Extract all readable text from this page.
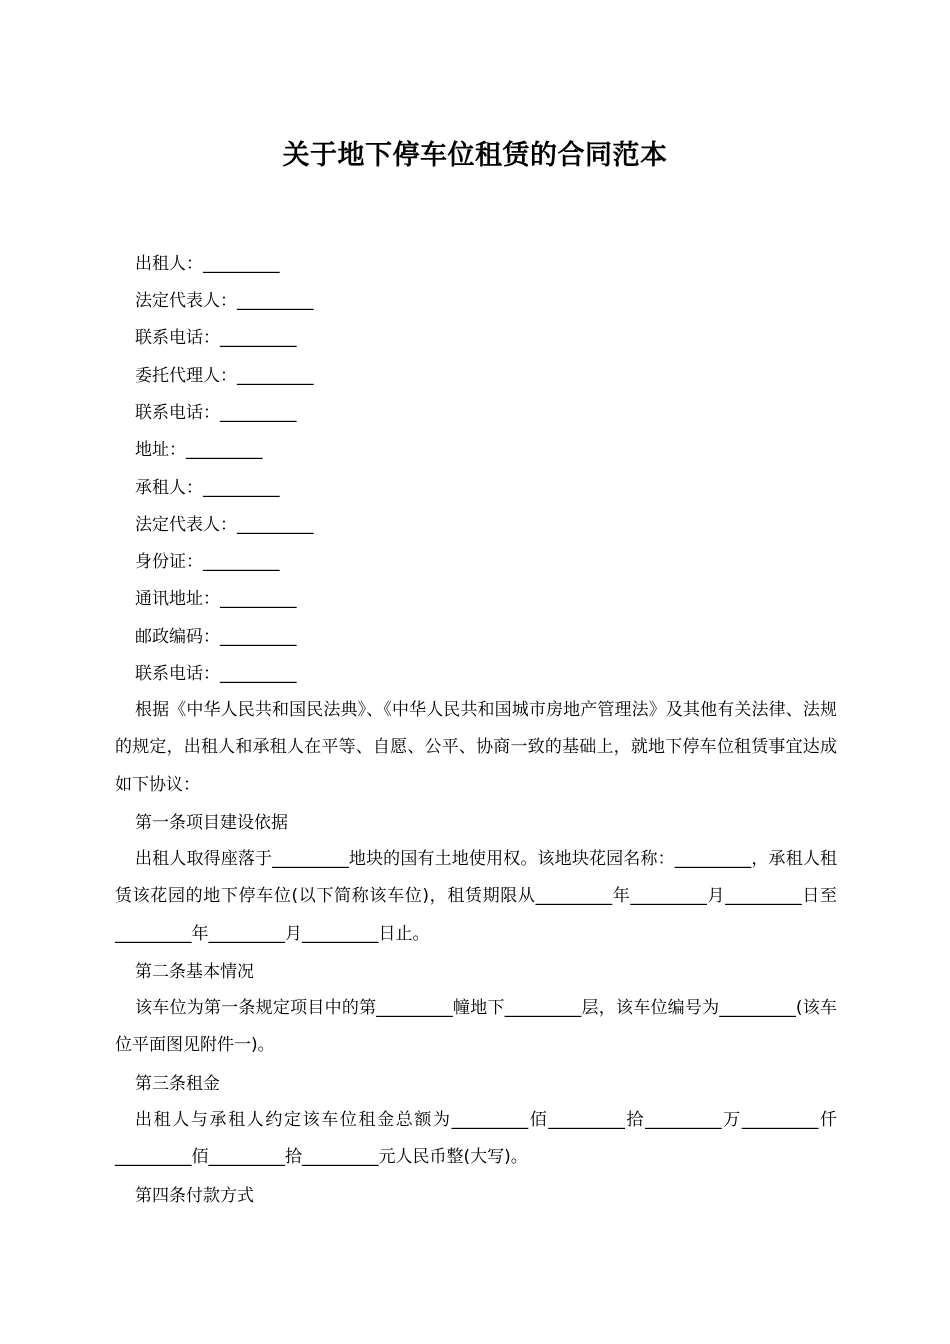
关于地下停车位租赁的合同范本
出租人：_________
法定代表人：_________
联系电话：_________
委托代理人：_________
联系电话：_________
地址：_________
承租人：_________
法定代表人：_________
身份证：_________
通讯地址：_________
邮政编码：_________
联系电话：_________
根据《中华人民共和国民法典》、《中华人民共和国城市房地产管理法》及其他有关法律、法规的规定，出租人和承租人在平等、自愿、公平、协商一致的基础上，就地下停车位租赁事宜达成如下协议：
第一条项目建设依据
出租人取得座落于_________地块的国有土地使用权。该地块花园名称：_________，承租人租赁该花园的地下停车位(以下简称该车位)，租赁期限从_________年_________月_________日至_________年_________月_________日止。
第二条基本情况
该车位为第一条规定项目中的第_________幢地下_________层，该车位编号为_________(该车位平面图见附件一)。
第三条租金
出租人与承租人约定该车位租金总额为_________佰_________拾_________万_________仟_________佰_________拾_________元人民币整(大写)。
第四条付款方式
